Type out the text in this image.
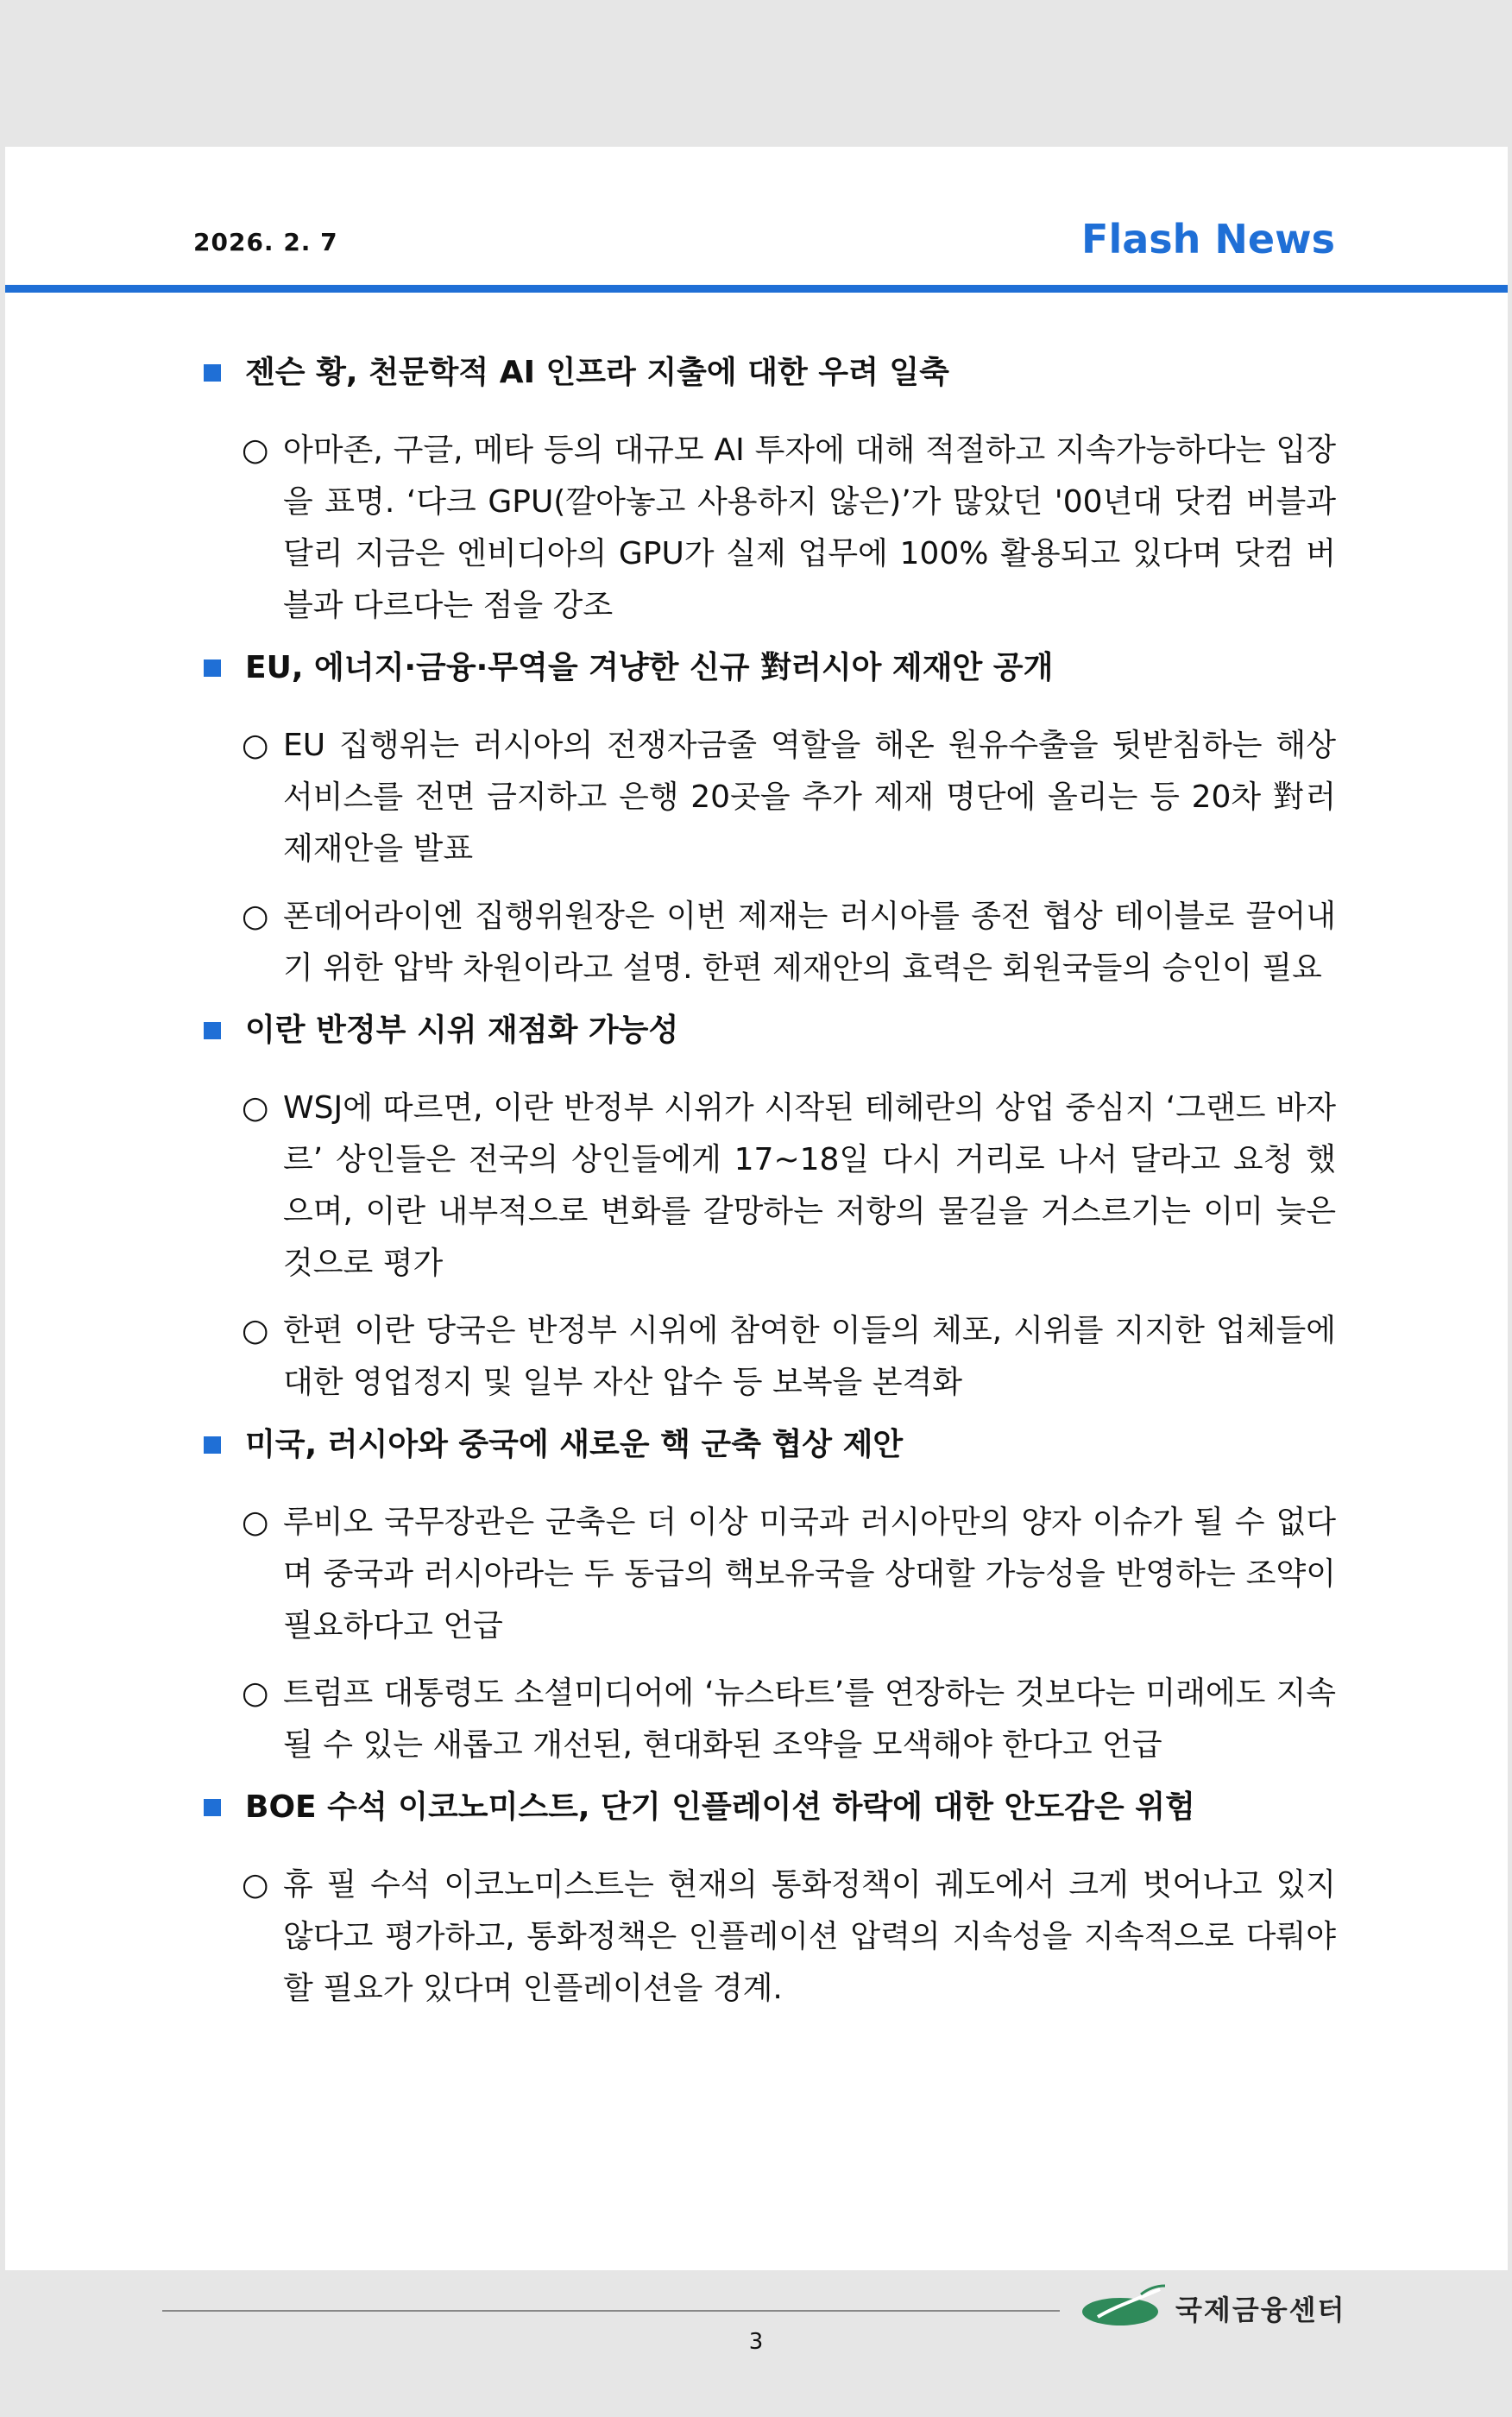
2026. 2. 7	Flash News
젠슨 황, 천문학적 AI 인프라 지출에 대한 우려 일축
○ 아마존, 구글, 메타 등의 대규모 AI 투자에 대해 적절하고 지속가능하다는 입장을 표명. ‘다크 GPU(깔아놓고 사용하지 않은)’가 많았던 '00년대 닷컴 버블과 달리 지금은 엔비디아의 GPU가 실제 업무에 100% 활용되고 있다며 닷컴 버블과 다르다는 점을 강조
EU, 에너지·금융·무역을 겨냥한 신규 對러시아 제재안 공개
○ EU 집행위는 러시아의 전쟁자금줄 역할을 해온 원유수출을 뒷받침하는 해상 서비스를 전면 금지하고 은행 20곳을 추가 제재 명단에 올리는 등 20차 對러 제재안을 발표
○ 폰데어라이엔 집행위원장은 이번 제재는 러시아를 종전 협상 테이블로 끌어내기 위한 압박 차원이라고 설명. 한편 제재안의 효력은 회원국들의 승인이 필요
이란 반정부 시위 재점화 가능성
○ WSJ에 따르면, 이란 반정부 시위가 시작된 테헤란의 상업 중심지 ‘그랜드 바자르’ 상인들은 전국의 상인들에게 17~18일 다시 거리로 나서 달라고 요청 했으며, 이란 내부적으로 변화를 갈망하는 저항의 물길을 거스르기는 이미 늦은 것으로 평가
○ 한편 이란 당국은 반정부 시위에 참여한 이들의 체포, 시위를 지지한 업체들에 대한 영업정지 및 일부 자산 압수 등 보복을 본격화
미국, 러시아와 중국에 새로운 핵 군축 협상 제안
○ 루비오 국무장관은 군축은 더 이상 미국과 러시아만의 양자 이슈가 될 수 없다며 중국과 러시아라는 두 동급의 핵보유국을 상대할 가능성을 반영하는 조약이 필요하다고 언급
○ 트럼프 대통령도 소셜미디어에 ‘뉴스타트’를 연장하는 것보다는 미래에도 지속 될 수 있는 새롭고 개선된, 현대화된 조약을 모색해야 한다고 언급
BOE 수석 이코노미스트, 단기 인플레이션 하락에 대한 안도감은 위험
○ 휴 필 수석 이코노미스트는 현재의 통화정책이 궤도에서 크게 벗어나고 있지 않다고 평가하고, 통화정책은 인플레이션 압력의 지속성을 지속적으로 다뤄야 할 필요가 있다며 인플레이션을 경계.
국제금융센터
3
